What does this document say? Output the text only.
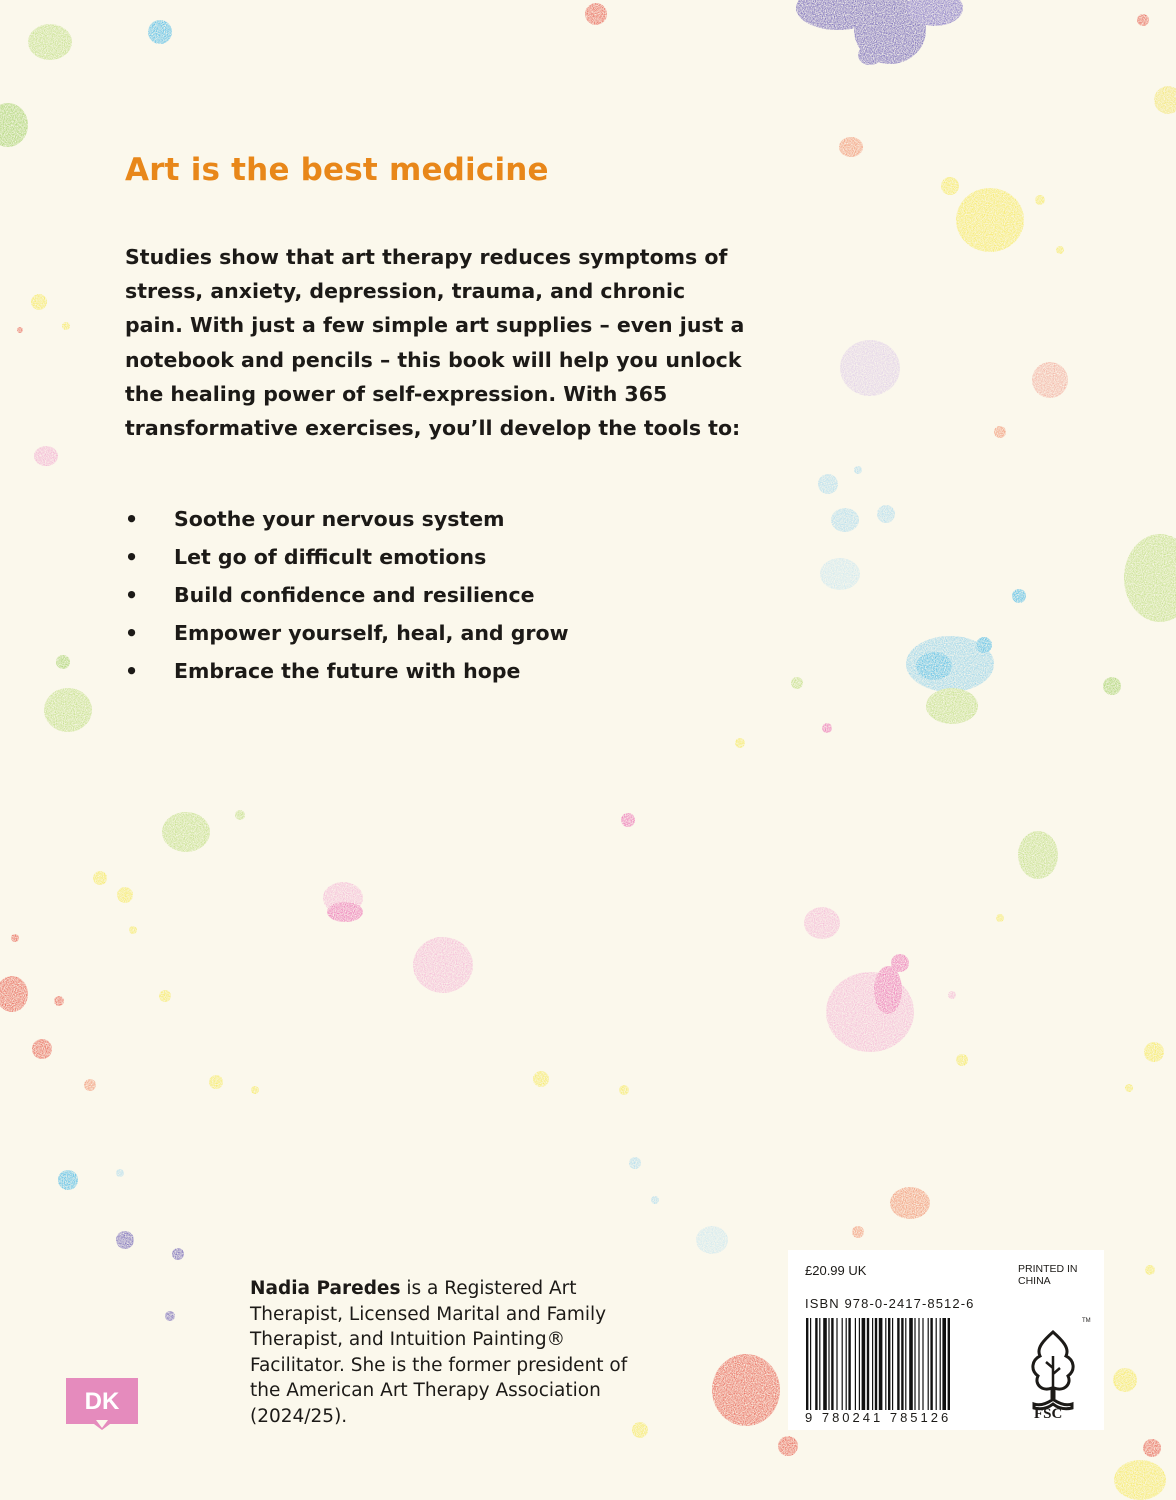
Art is the best medicine

Studies show that art therapy reduces symptoms of stress, anxiety, depression, trauma, and chronic pain. With just a few simple art supplies – even just a notebook and pencils – this book will help you unlock the healing power of self-expression. With 365 transformative exercises, you’ll develop the tools to:

• Soothe your nervous system
• Let go of difficult emotions
• Build confidence and resilience
• Empower yourself, heal, and grow
• Embrace the future with hope

Nadia Paredes is a Registered Art Therapist, Licensed Marital and Family Therapist, and Intuition Painting® Facilitator. She is the former president of the American Art Therapy Association (2024/25).

DK
£20.99 UK	PRINTED IN CHINA
ISBN 978-0-2417-8512-6
9 780241 785126
TM
FSC
